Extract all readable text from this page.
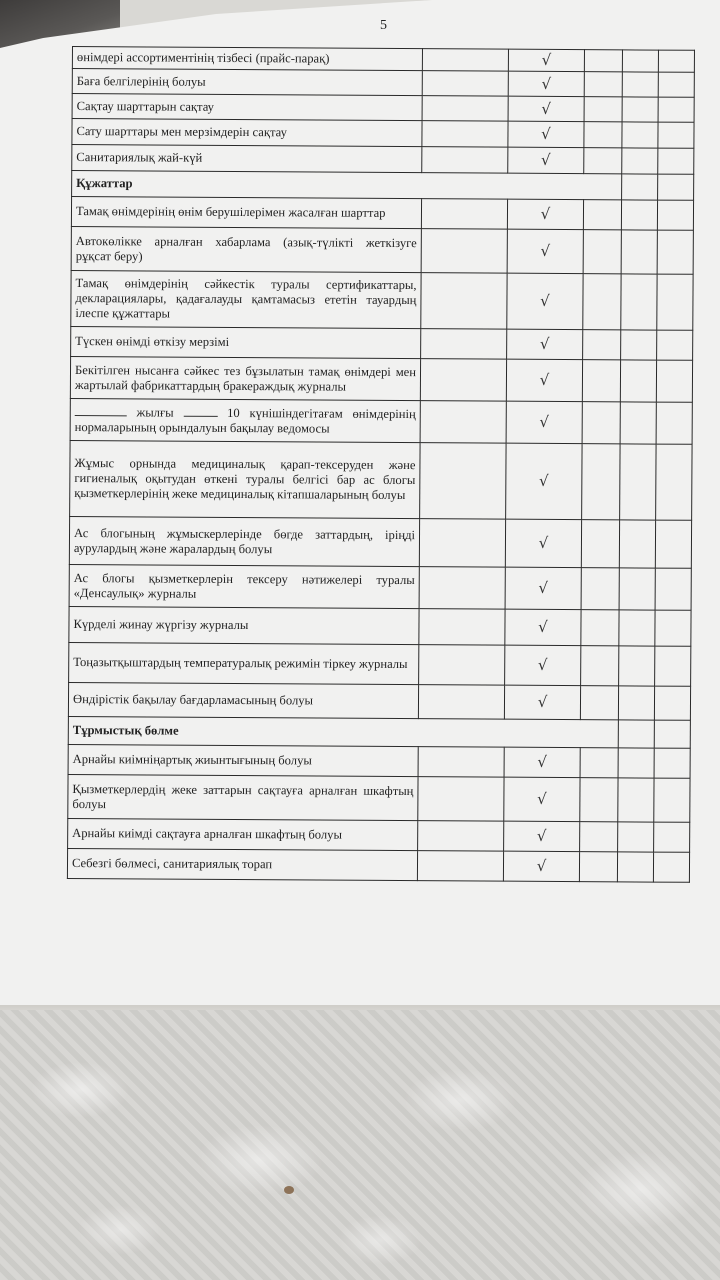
5
өнімдері ассортиментінің тізбесі (прайс-парақ)		√			
Баға белгілерінің болуы		√			
Сақтау шарттарын сақтау		√			
Сату шарттары мен мерзімдерін сақтау		√			
Санитариялық жай-күй		√			
Құжаттар					
Тамақ өнімдерінің өнім берушілерімен жасалған шарттар		√			
Автокөлікке арналған хабарлама (азық-түлікті жеткізуге рұқсат беру)		√			
Тамақ өнімдерінің сәйкестік туралы сертификаттары, декларациялары, қадағалауды қамтамасыз ететін тауардың ілеспе құжаттары		√			
Түскен өнімді өткізу мерзімі		√			
Бекітілген нысанға сәйкес тез бұзылатын тамақ өнімдері мен жартылай фабрикаттардың бракераждық журналы		√			
жылғы 10 күнішіндегітағам өнімдерінің нормаларының орындалуын бақылау ведомосы		√			
Жұмыс орнында медициналық қарап-тексеруден және гигиеналық оқытудан өткені туралы белгісі бар ас блогы қызметкерлерінің жеке медициналық кітапшаларының болуы		√			
Ас блогының жұмыскерлерінде бөгде заттардың, іріңді аурулардың және жаралардың болуы		√			
Ас блогы қызметкерлерін тексеру нәтижелері туралы «Денсаулық» журналы		√			
Күрделі жинау жүргізу журналы		√			
Тоңазытқыштардың температуралық режимін тіркеу журналы		√			
Өндірістік бақылау бағдарламасының болуы		√			
Тұрмыстық бөлме					
Арнайы киімніңартық жиынтығының болуы		√			
Қызметкерлердің жеке заттарын сақтауға арналған шкафтың болуы		√			
Арнайы киімді сақтауға арналған шкафтың болуы		√			
Себезгі бөлмесі, санитариялық торап		√			
